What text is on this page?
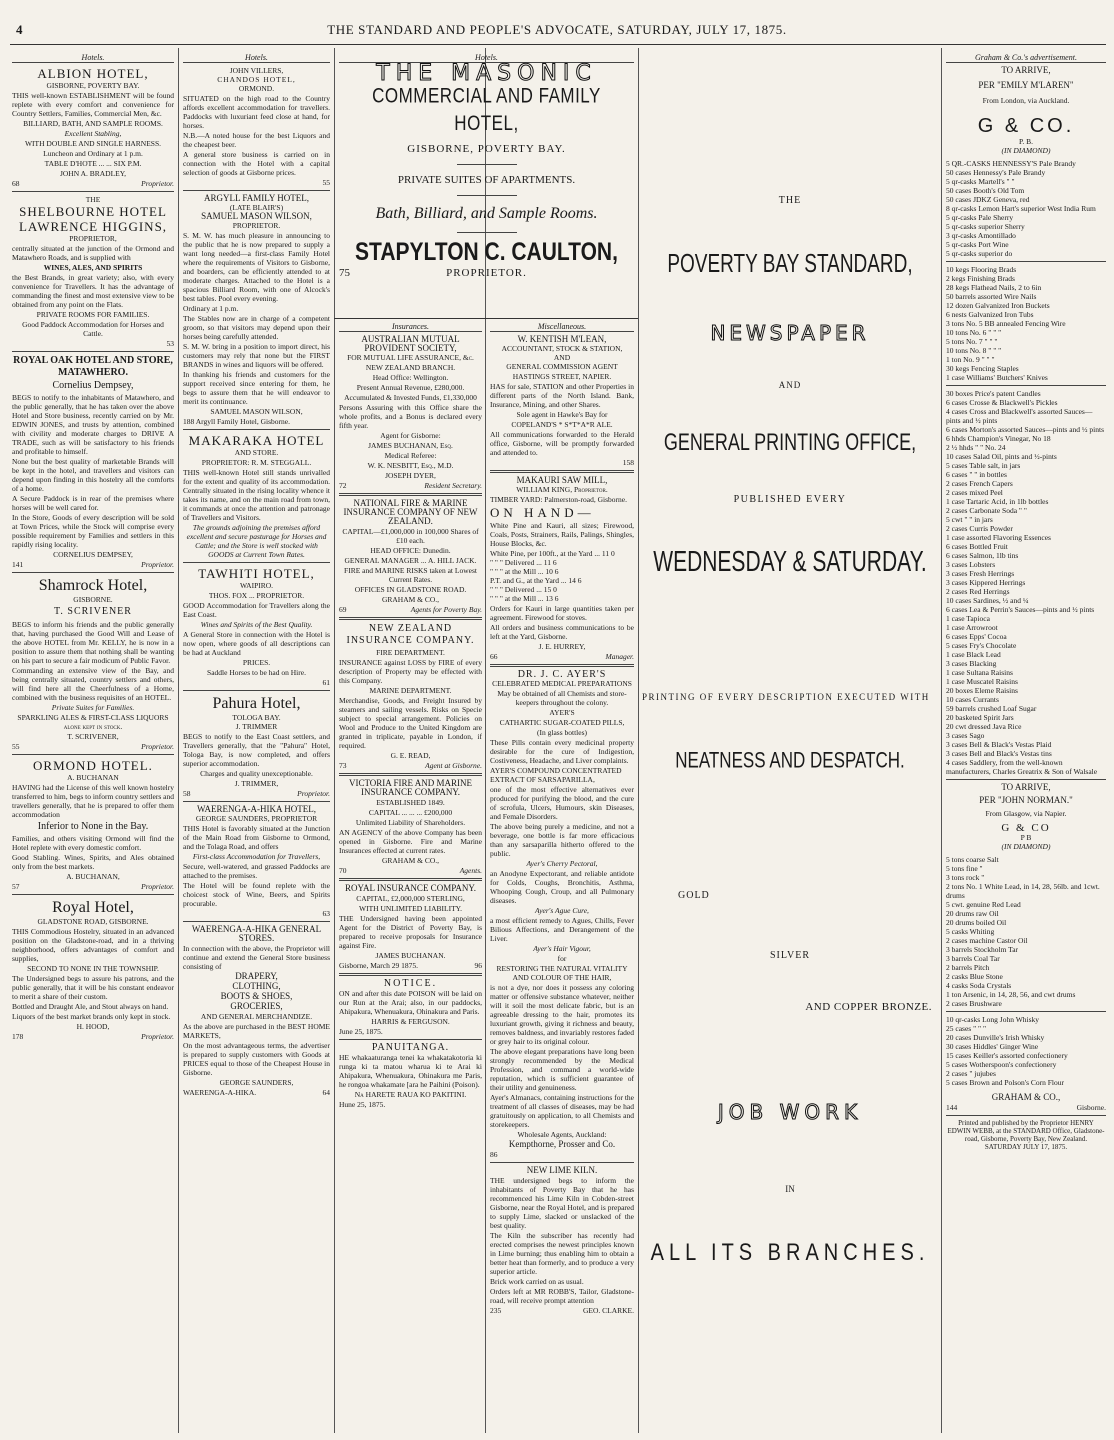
4	THE STANDARD AND PEOPLE'S ADVOCATE, SATURDAY, JULY 17, 1875.
Hotels.
ALBION HOTEL,
GISBORNE, POVERTY BAY.

THIS well-known ESTABLISHMENT will be found replete with every comfort and convenience for Country Settlers, Families, Commercial Men, &c.

BILLIARD, BATH, AND SAMPLE ROOMS.

Excellent Stabling,

WITH DOUBLE AND SINGLE HARNESS.

Luncheon and Ordinary at 1 p.m.

TABLE D'HOTE ... ... SIX P.M.

JOHN A. BRADLEY,

68	Proprietor.

THE
SHELBOURNE HOTEL
LAWRENCE HIGGINS,
PROPRIETOR,

centrally situated at the junction of the Ormond and Matawhero Roads, and is supplied with

WINES, ALES, AND SPIRITS

the Best Brands, in great variety; also, with every convenience for Travellers. It has the advantage of commanding the finest and most extensive view to be obtained from any point on the Flats.

PRIVATE ROOMS FOR FAMILIES.

Good Paddock Accommodation for Horses and Cattle.

53

ROYAL OAK HOTEL AND STORE, MATAWHERO.
Cornelius Dempsey,

BEGS to notify to the inhabitants of Matawhero, and the public generally, that he has taken over the above Hotel and Store business, recently carried on by Mr. EDWIN JONES, and trusts by attention, combined with civility and moderate charges to DRIVE A TRADE, such as will be satisfactory to his friends and profitable to himself.

None but the best quality of marketable Brands will be kept in the hotel, and travellers and visitors can depend upon finding in this hostelry all the comforts of a home.

A Secure Paddock is in rear of the premises where horses will be well cared for.

In the Store, Goods of every description will be sold at Town Prices, while the Stock will comprise every possible requirement by Families and settlers in this rapidly rising locality.

CORNELIUS DEMPSEY,

141	Proprietor.

Shamrock Hotel,
GISBORNE.
T. SCRIVENER

BEGS to inform his friends and the public generally that, having purchased the Good Will and Lease of the above HOTEL from Mr. KELLY, he is now in a position to assure them that nothing shall be wanting on his part to secure a fair modicum of Public Favor.

Commanding an extensive view of the Bay, and being centrally situated, country settlers and others, will find here all the Cheerfulness of a Home, combined with the business requisites of an HOTEL.

Private Suites for Families.

SPARKLING ALES & FIRST-CLASS LIQUORS alone kept in stock.

T. SCRIVENER,

55	Proprietor.

ORMOND HOTEL.
A. BUCHANAN

HAVING had the License of this well known hostelry transferred to him, begs to inform country settlers and travellers generally, that he is prepared to offer them accommodation

Inferior to None in the Bay.

Families, and others visiting Ormond will find the Hotel replete with every domestic comfort.

Good Stabling. Wines, Spirits, and Ales obtained only from the best markets.

A. BUCHANAN,

57	Proprietor.

Royal Hotel,
GLADSTONE ROAD, GISBORNE.

THIS Commodious Hostelry, situated in an advanced position on the Gladstone-road, and in a thriving neighborhood, offers advantages of comfort and supplies,

SECOND TO NONE IN THE TOWNSHIP.

The Undersigned begs to assure his patrons, and the public generally, that it will be his constant endeavor to merit a share of their custom.

Bottled and Draught Ale, and Stout always on hand.

Liquors of the best market brands only kept in stock.

H. HOOD,

178	Proprietor.

Hotels.
JOHN VILLERS,
CHANDOS HOTEL,
ORMOND.

SITUATED on the high road to the Country affords excellent accommodation for travellers. Paddocks with luxuriant feed close at hand, for horses.

N.B.—A noted house for the best Liquors and the cheapest beer.

A general store business is carried on in connection with the Hotel with a capital selection of goods at Gisborne prices.

55

ARGYLL FAMILY HOTEL,
(LATE BLAIR'S)
SAMUEL MASON WILSON,
PROPRIETOR.

S. M. W. has much pleasure in announcing to the public that he is now prepared to supply a want long needed—a first-class Family Hotel where the requirements of Visitors to Gisborne, and boarders, can be efficiently attended to at moderate charges. Attached to the Hotel is a spacious Billiard Room, with one of Alcock's best tables. Pool every evening.

Ordinary at 1 p.m.

The Stables now are in charge of a competent groom, so that visitors may depend upon their horses being carefully attended.

S. M. W. bring in a position to import direct, his customers may rely that none but the FIRST BRANDS in wines and liquors will be offered.

In thanking his friends and customers for the support received since entering for them, he begs to assure them that he will endeavor to merit its continuance.

SAMUEL MASON WILSON,

188 Argyll Family Hotel, Gisborne.

MAKARAKA HOTEL
AND STORE.

PROPRIETOR: R. M. STEGGALL.

THIS well-known Hotel still stands unrivalled for the extent and quality of its accommodation. Centrally situated in the rising locality whence it takes its name, and on the main road from town, it commands at once the attention and patronage of Travellers and Visitors.

The grounds adjoining the premises afford excellent and secure pasturage for Horses and Cattle; and the Store is well stocked with GOODS at Current Town Rates.

TAWHITI HOTEL,
WAIPIRO.

THOS. FOX ... PROPRIETOR.

GOOD Accommodation for Travellers along the East Coast.

Wines and Spirits of the Best Quality.

A General Store in connection with the Hotel is now open, where goods of all descriptions can be had at Auckland

PRICES.

Saddle Horses to be had on Hire.

61

Pahura Hotel,
TOLOGA BAY.
J. TRIMMER

BEGS to notify to the East Coast settlers, and Travellers generally, that the "Pahura" Hotel, Tologa Bay, is now completed, and offers superior accommodation.

Charges and quality unexceptionable.

J. TRIMMER,

58	Proprietor.

WAERENGA-A-HIKA HOTEL,
GEORGE SAUNDERS, PROPRIETOR

THIS Hotel is favorably situated at the Junction of the Main Road from Gisborne to Ormond, and the Tolaga Road, and offers

First-class Accommodation for Travellers,

Secure, well-watered, and grassed Paddocks are attached to the premises.

The Hotel will be found replete with the choicest stock of Wine, Beers, and Spirits procurable.

63

WAERENGA-A-HIKA GENERAL STORES.

In connection with the above, the Proprietor will continue and extend the General Store business consisting of

DRAPERY,

CLOTHING,

BOOTS & SHOES,

GROCERIES,

AND GENERAL MERCHANDIZE.

As the above are purchased in the BEST HOME MARKETS,

On the most advantageous terms, the advertiser is prepared to supply customers with Goods at PRICES equal to those of the Cheapest House in Gisborne.

GEORGE SAUNDERS,

WAERENGA-A-HIKA.	64

Hotels.
THE MASONIC
COMMERCIAL AND FAMILY HOTEL,
GISBORNE, POVERTY BAY.
PRIVATE SUITES OF APARTMENTS.
Bath, Billiard, and Sample Rooms.
STAPYLTON C. CAULTON,
75	PROPRIETOR.
Insurances.
AUSTRALIAN MUTUAL PROVIDENT SOCIETY,
FOR MUTUAL LIFE ASSURANCE, &c.

NEW ZEALAND BRANCH.

Head Office: Wellington.

Present Annual Revenue, £280,000.

Accumulated & Invested Funds, £1,330,000

Persons Assuring with this Office share the whole profits, and a Bonus is declared every fifth year.

Agent for Gisborne:

JAMES BUCHANAN, Esq.

Medical Referee:

W. K. NESBITT, Esq., M.D.

JOSEPH DYER,

72	Resident Secretary.

NATIONAL FIRE & MARINE INSURANCE COMPANY OF NEW ZEALAND.

CAPITAL—£1,000,000 in 100,000 Shares of £10 each.

HEAD OFFICE: Dunedin.

GENERAL MANAGER ... A. HILL JACK.

FIRE and MARINE RISKS taken at Lowest Current Rates.

OFFICES IN GLADSTONE ROAD.

GRAHAM & CO.,

69	Agents for Poverty Bay.

NEW ZEALAND INSURANCE COMPANY.

FIRE DEPARTMENT.

INSURANCE against LOSS by FIRE of every description of Property may be effected with this Company.

MARINE DEPARTMENT.

Merchandise, Goods, and Freight Insured by steamers and sailing vessels. Risks on Specie subject to special arrangement. Policies on Wool and Produce to the United Kingdom are granted in triplicate, payable in London, if required.

G. E. READ,

73	Agent at Gisborne.

VICTORIA FIRE AND MARINE INSURANCE COMPANY.

ESTABLISHED 1849.

CAPITAL ... ... ... £200,000

Unlimited Liability of Shareholders.

AN AGENCY of the above Company has been opened in Gisborne. Fire and Marine Insurances effected at current rates.

GRAHAM & CO.,

70	Agents.

ROYAL INSURANCE COMPANY.

CAPITAL, £2,000,000 STERLING,

WITH UNLIMITED LIABILITY.

THE Undersigned having been appointed Agent for the District of Poverty Bay, is prepared to receive proposals for Insurance against Fire.

JAMES BUCHANAN.

Gisborne, March 29 1875.	96

NOTICE.

ON and after this date POISON will be laid on our Run at the Arai; also, in our paddocks, Ahipakura, Whenuakura, Ohinakura and Paris.

HARRIS & FERGUSON.

June 25, 1875.

PANUITANGA.

HE whakaaturanga tenei ka whakatakotoria ki runga ki ta matou wharua ki te Arai ki Ahipakura, Whenuakura, Ohinakura me Paris, he rongoa whakamate [ara he Paihini (Poison).

Na HARETE RAUA KO PAKITINI.

Hune 25, 1875.

Miscellaneous.
W. KENTISH M'LEAN,
ACCOUNTANT, STOCK & STATION,
AND
GENERAL COMMISSION AGENT

HASTINGS STREET, NAPIER.

HAS for sale, STATION and other Properties in different parts of the North Island. Bank, Insurance, Mining, and other Shares.

Sole agent in Hawke's Bay for

COPELAND'S * S*T*A*R ALE.

All communications forwarded to the Herald office, Gisborne, will be promptly forwarded and attended to.

158

MAKAURI SAW MILL,
WILLIAM KING, Proprietor.

TIMBER YARD: Palmerston-road, Gisborne.

ON HAND—

White Pine and Kauri, all sizes; Firewood, Coals, Posts, Strainers, Rails, Palings, Shingles, House Blocks, &c.

White Pine, per 100ft., at the Yard ... 11 0
" " " Delivered ... 11 6
" " " at the Mill ... 10 6
P.T. and G., at the Yard ... 14 6
" " " Delivered ... 15 0
" " " at the Mill ... 13 6

Orders for Kauri in large quantities taken per agreement. Firewood for stoves.

All orders and business communications to be left at the Yard, Gisborne.

J. E. HURREY,

66	Manager.

DR. J. C. AYER'S
CELEBRATED MEDICAL PREPARATIONS

May be obtained of all Chemists and store-keepers throughout the colony.

AYER'S

CATHARTIC SUGAR-COATED PILLS,

(In glass bottles)

These Pills contain every medicinal property desirable for the cure of Indigestion, Costiveness, Headache, and Liver complaints.

AYER'S COMPOUND CONCENTRATED EXTRACT OF SARSAPARILLA,

one of the most effective alternatives ever produced for purifying the blood, and the cure of scrofula, Ulcers, Humours, skin Diseases, and Female Disorders.

The above being purely a medicine, and not a beverage, one bottle is far more efficacious than any sarsaparilla hitherto offered to the public.

Ayer's Cherry Pectoral,

an Anodyne Expectorant, and reliable antidote for Colds, Coughs, Bronchitis, Asthma, Whooping Cough, Croup, and all Pulmonary diseases.

Ayer's Ague Cure,

a most efficient remedy to Agues, Chills, Fever Bilious Affections, and Derangement of the Liver.

Ayer's Hair Vigour,

for

RESTORING THE NATURAL VITALITY AND COLOUR OF THE HAIR,

is not a dye, nor does it possess any coloring matter or offensive substance whatever, neither will it soil the most delicate fabric, but is an agreeable dressing to the hair, promotes its luxuriant growth, giving it richness and beauty, removes baldness, and invariably restores faded or grey hair to its original colour.

The above elegant preparations have long been strongly recommended by the Medical Profession, and command a world-wide reputation, which is sufficient guarantee of their utility and genuineness.

Ayer's Almanacs, containing instructions for the treatment of all classes of diseases, may be had gratuitously on application, to all Chemists and storekeepers.

Wholesale Agents, Auckland:

Kempthorne, Prosser and Co.

86

NEW LIME KILN.

THE undersigned begs to inform the inhabitants of Poverty Bay that he has recommenced his Lime Kiln in Cobden-street Gisborne, near the Royal Hotel, and is prepared to supply Lime, slacked or unslacked of the best quality.

The Kiln the subscriber has recently had erected comprises the newest principles known in Lime burning; thus enabling him to obtain a better heat than formerly, and to produce a very superior article.

Brick work carried on as usual.

Orders left at MR ROBB'S, Tailor, Gladstone-road, will receive prompt attention

235	GEO. CLARKE.

THE
POVERTY BAY STANDARD,
NEWSPAPER
AND
GENERAL PRINTING OFFICE,
PUBLISHED EVERY
WEDNESDAY & SATURDAY.
PRINTING OF EVERY DESCRIPTION EXECUTED WITH
NEATNESS AND DESPATCH.
GOLD
SILVER
AND COPPER BRONZE.
JOB WORK
IN
ALL ITS BRANCHES.
Graham & Co.'s advertisement.
TO ARRIVE,
PER "EMILY M'LAREN"
From London, via Auckland.
G & CO.
P. B.
(IN DIAMOND)
5 QR.-CASKS HENNESSY'S Pale Brandy
50 cases Hennessy's Pale Brandy
5 qr-casks Martell's " "
50 cases Booth's Old Tom
50 cases JDKZ Geneva, red
8 qr-casks Lemon Hart's superior West India Rum
5 qr-casks Pale Sherry
5 qr-casks superior Sherry
3 qr-casks Amontillado
5 qr-casks Port Wine
5 qr-casks superior do
10 kegs Flooring Brads
2 kegs Finishing Brads
28 kegs Flathead Nails, 2 to 6in
50 barrels assorted Wire Nails
12 dozen Galvanized Iron Buckets
6 nests Galvanized Iron Tubs
3 tons No. 5 BB annealed Fencing Wire
10 tons No. 6 " " "
5 tons No. 7 " " "
10 tons No. 8 " " "
1 ton No. 9 " " "
30 kegs Fencing Staples
1 case Williams' Butchers' Knives
30 boxes Price's patent Candles
6 cases Crosse & Blackwell's Pickles
4 cases Cross and Blackwell's assorted Sauces—pints and ½ pints
6 cases Morton's assorted Sauces—pints and ½ pints
6 hhds Champion's Vinegar, No 18
2 ½ hhds " " No. 24
10 cases Salad Oil, pints and ½-pints
5 cases Table salt, in jars
6 cases " " in bottles
2 cases French Capers
2 cases mixed Peel
1 case Tartaric Acid, in 1lb bottles
2 cases Carbonate Soda " "
5 cwt " " in jars
2 cases Curris Powder
1 case assorted Flavoring Essences
6 cases Bottled Fruit
6 cases Salmon, 1lb tins
3 cases Lobsters
3 cases Fresh Herrings
3 cases Kippered Herrings
2 cases Red Herrings
10 cases Sardines, ½ and ¼
6 cases Lea & Perrin's Sauces—pints and ½ pints
1 case Tapioca
1 case Arrowroot
6 cases Epps' Cocoa
5 cases Fry's Chocolate
1 case Black Lead
3 cases Blacking
1 case Sultana Raisins
1 case Muscatel Raisins
20 boxes Eleme Raisins
10 cases Currants
59 barrels crushed Loaf Sugar
20 basketed Spirit Jars
20 cwt dressed Java Rice
3 cases Sago
3 cases Bell & Black's Vestas Plaid
3 cases Bell and Black's Vestas tins
4 cases Saddlery, from the well-known manufacturers, Charles Greatrix & Son of Walsale
TO ARRIVE,
PER "JOHN NORMAN."
From Glasgow, via Napier.
G & CO
P B
(IN DIAMOND)
5 tons coarse Salt
5 tons fine "
3 tons rock "
2 tons No. 1 White Lead, in 14, 28, 56lb. and 1cwt. drums
5 cwt. genuine Red Lead
20 drums raw Oil
20 drums boiled Oil
5 casks Whiting
2 cases machine Castor Oil
3 barrels Stockholm Tar
3 barrels Coal Tar
2 barrels Pitch
2 casks Blue Stone
4 casks Soda Crystals
1 ton Arsenic, in 14, 28, 56, and cwt drums
2 cases Brushware
10 qr-casks Long John Whisky
25 cases " " "
20 cases Dunville's Irish Whisky
30 cases Hiddles' Ginger Wine
15 cases Keiller's assorted confectionery
5 cases Wotherspoon's confectionery
2 cases " jujubes
5 cases Brown and Polson's Corn Flour
GRAHAM & CO.,

144	Gisborne.

Printed and published by the Proprietor HENRY EDWIN WEBB, at the STANDARD Office, Gladstone-road, Gisborne, Poverty Bay, New Zealand.
SATURDAY JULY 17, 1875.
